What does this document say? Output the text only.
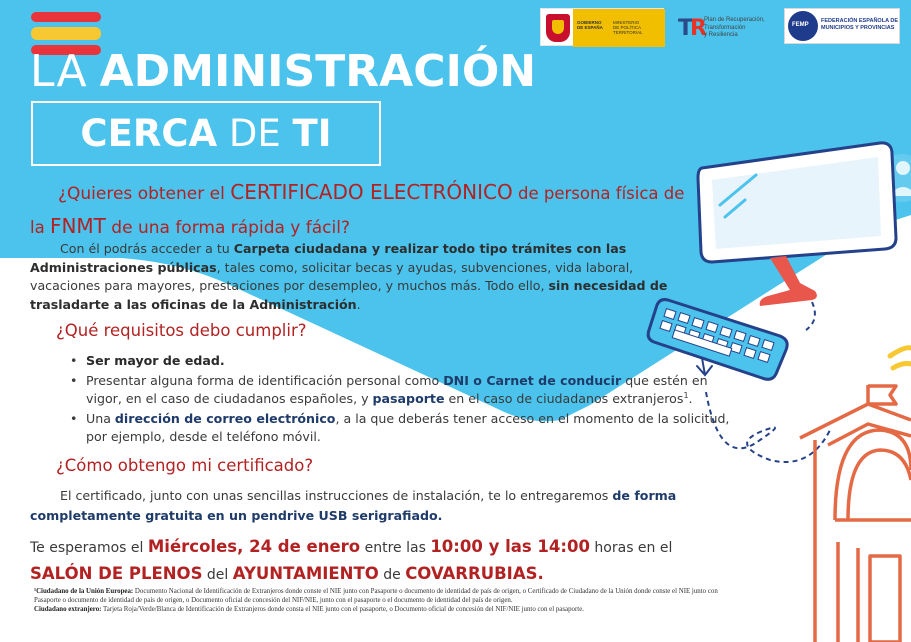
LA ADMINISTRACIÓN
CERCA DE TI
GOBIERNO
DE ESPAÑA
MINISTERIO
DE POLÍTICA TERRITORIAL	TR Plan de Recuperación,
Transformación
y Resiliencia
FEMP
FEDERACIÓN ESPAÑOLA DE
MUNICIPIOS Y PROVINCIAS
¿Quieres obtener el CERTIFICADO ELECTRÓNICO de persona física de la FNMT de una forma rápida y fácil?
Con él podrás acceder a tu Carpeta ciudadana y realizar todo tipo trámites con las Administraciones públicas, tales como, solicitar becas y ayudas, subvenciones, vida laboral, vacaciones para mayores, prestaciones por desempleo, y muchos más. Todo ello, sin necesidad de trasladarte a las oficinas de la Administración.
¿Qué requisitos debo cumplir?
• Ser mayor de edad.
• Presentar alguna forma de identificación personal como DNI o Carnet de conducir que estén en vigor, en el caso de ciudadanos españoles, y pasaporte en el caso de ciudadanos extranjeros$^1$.
• Una dirección de correo electrónico, a la que deberás tener acceso en el momento de la solicitud, por ejemplo, desde el teléfono móvil.
¿Cómo obtengo mi certificado?
El certificado, junto con unas sencillas instrucciones de instalación, te lo entregaremos de forma completamente gratuita en un pendrive USB serigrafiado.
Te esperamos el Miércoles, 24 de enero entre las 10:00 y las 14:00 horas en el SALÓN DE PLENOS del AYUNTAMIENTO de COVARRUBIAS.
¹Ciudadano de la Unión Europea: Documento Nacional de Identificación de Extranjeros donde conste el NIE junto con Pasaporte o documento de identidad de país de origen, o Certificado de Ciudadano de la Unión donde conste el NIE junto con Pasaporte o documento de identidad de país de origen, o Documento oficial de concesión del NIF/NIE, junto con el pasaporte o el documento de identidad del país de origen.
Ciudadano extranjero: Tarjeta Roja/Verde/Blanca de Identificación de Extranjeros donde consta el NIE junto con el pasaporte, o Documento oficial de concesión del NIF/NIE junto con el pasaporte.
